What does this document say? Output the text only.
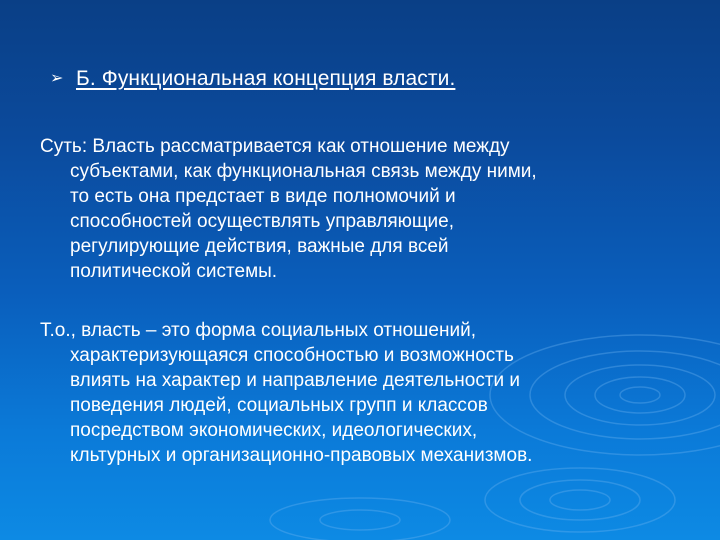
➢ Б. Функциональная концепция власти.

Суть: Власть рассматривается как отношение между
субъектами, как функциональная связь между ними,
то есть она предстает в виде полномочий и
способностей осуществлять управляющие,
регулирующие действия, важные для всей
политической системы.

Т.о., власть – это форма социальных отношений,
характеризующаяся способностью и возможность
влиять на характер и направление деятельности и
поведения людей, социальных групп и классов
посредством экономических, идеологических,
кльтурных и организационно-правовых механизмов.
